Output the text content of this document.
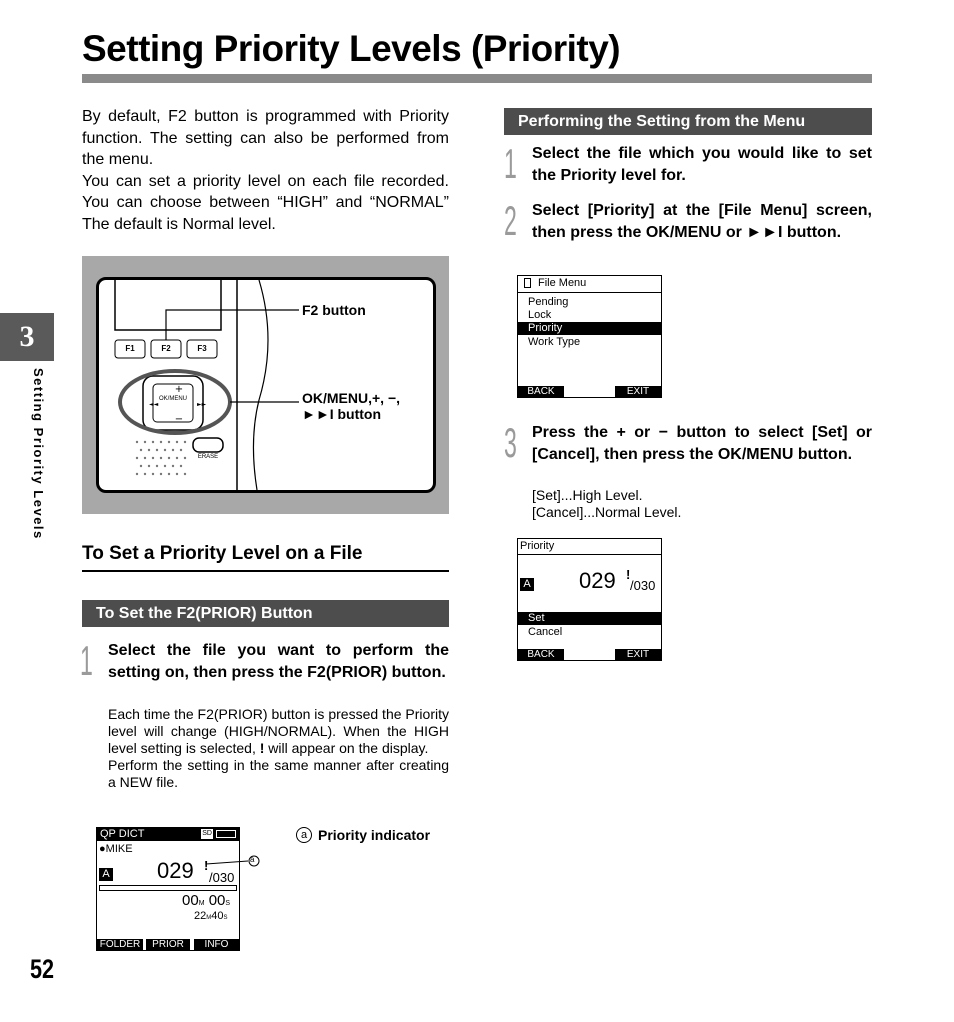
Setting Priority Levels (Priority)
3
Setting Priority Levels
52

By default, F2 button is programmed with Priority function. The setting can also be performed from the menu.

You can set a priority level on each file recorded. You can choose between “HIGH” and “NORMAL” The default is Normal level.

+
−
◄◄	►►
F1	F2	F3
OK/MENU
ERASE
F2 button
OK/MENU,+, −,
►►I button
To Set a Priority Level on a File
To Set the F2(PRIOR) Button
1 Select the file you want to perform the setting on, then press the F2(PRIOR) button.

Each time the F2(PRIOR) button is pressed the Priority level will change (HIGH/NORMAL). When the HIGH level setting is selected, ! will appear on the display.

Perform the setting in the same manner after creating a NEW file.

QP DICT	SD
●MIKE
A 029 !
/030
00M 00S
22M40S
FOLDER	PRIOR	INFO
a
a Priority indicator
Performing the Setting from the Menu
1 Select the file which you would like to set the Priority level for.
2 Select [Priority] at the [File Menu] screen, then press the OK/MENU or ►►I button.
File Menu
Pending
Lock
Priority
Work Type
BACK	EXIT
3 Press the + or − button to select [Set] or [Cancel], then press the OK/MENU button.

[Set]...High Level.

[Cancel]...Normal Level.

Priority
A 029 !
/030
Set
Cancel
BACK	EXIT
